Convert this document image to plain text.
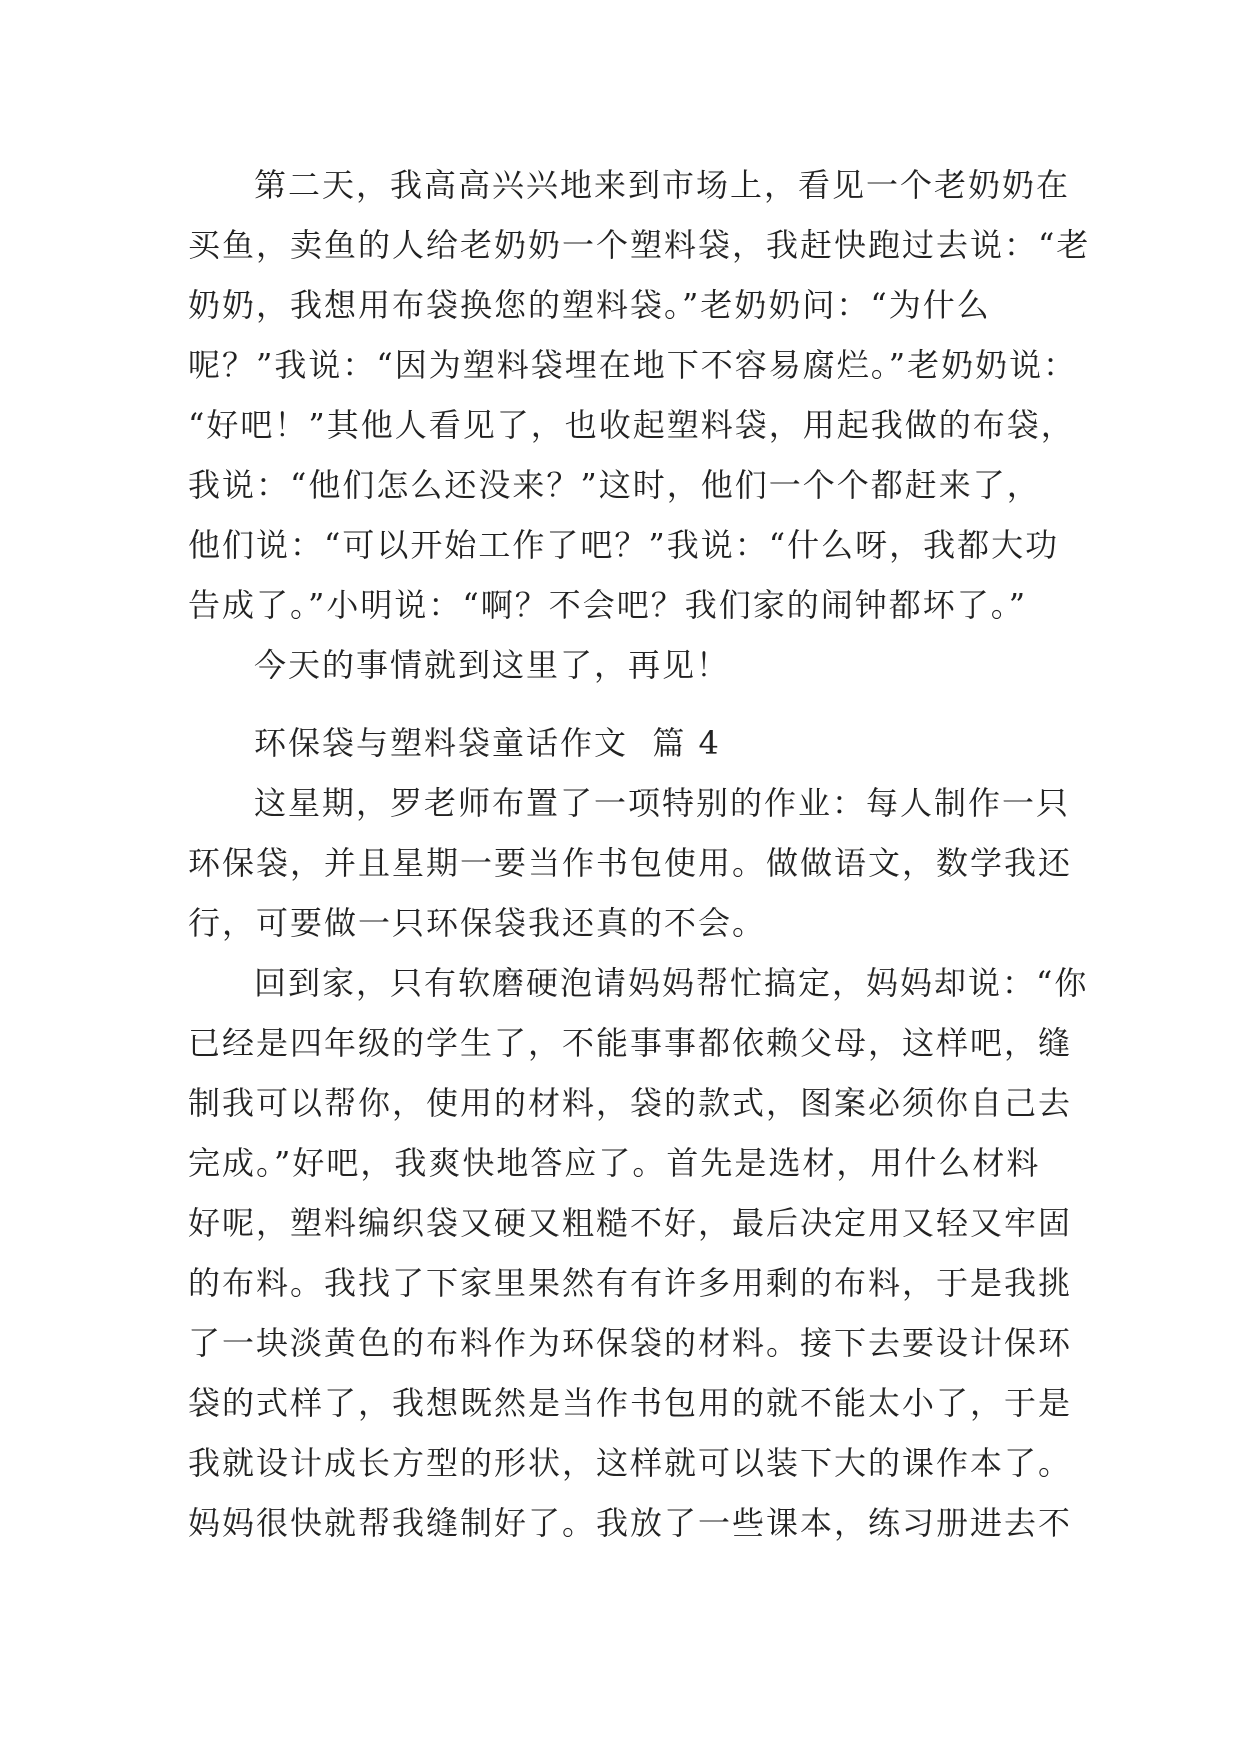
第二天，我高高兴兴地来到市场上，看见一个老奶奶在
买鱼，卖鱼的人给老奶奶一个塑料袋，我赶快跑过去说：“老
奶奶，我想用布袋换您的塑料袋。”老奶奶问：“为什么
呢？”我说：“因为塑料袋埋在地下不容易腐烂。”老奶奶说：
“好吧！”其他人看见了，也收起塑料袋，用起我做的布袋，
我说：“他们怎么还没来？”这时，他们一个个都赶来了，
他们说：“可以开始工作了吧？”我说：“什么呀，我都大功
告成了。”小明说：“啊？不会吧？我们家的闹钟都坏了。”
今天的事情就到这里了，再见！
环保袋与塑料袋童话作文  篇 4
这星期，罗老师布置了一项特别的作业：每人制作一只
环保袋，并且星期一要当作书包使用。做做语文，数学我还
行，可要做一只环保袋我还真的不会。
回到家，只有软磨硬泡请妈妈帮忙搞定，妈妈却说：“你
已经是四年级的学生了，不能事事都依赖父母，这样吧，缝
制我可以帮你，使用的材料，袋的款式，图案必须你自己去
完成。”好吧，我爽快地答应了。首先是选材，用什么材料
好呢，塑料编织袋又硬又粗糙不好，最后决定用又轻又牢固
的布料。我找了下家里果然有有许多用剩的布料，于是我挑
了一块淡黄色的布料作为环保袋的材料。接下去要设计保环
袋的式样了，我想既然是当作书包用的就不能太小了，于是
我就设计成长方型的形状，这样就可以装下大的课作本了。
妈妈很快就帮我缝制好了。我放了一些课本，练习册进去不
